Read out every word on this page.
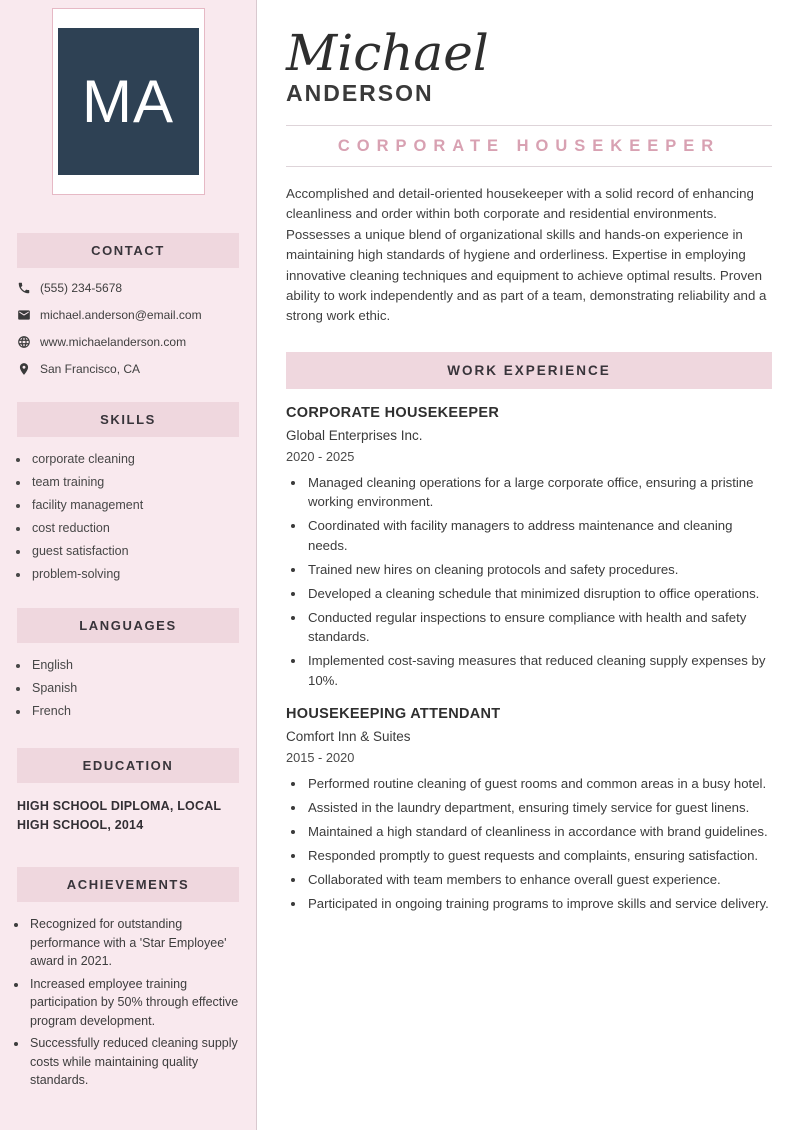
MA
CONTACT
(555) 234-5678
michael.anderson@email.com
www.michaelanderson.com
San Francisco, CA
SKILLS
• corporate cleaning
• team training
• facility management
• cost reduction
• guest satisfaction
• problem-solving
LANGUAGES
• English
• Spanish
• French
EDUCATION
HIGH SCHOOL DIPLOMA, LOCAL HIGH SCHOOL, 2014
ACHIEVEMENTS
• Recognized for outstanding performance with a 'Star Employee' award in 2021.
• Increased employee training participation by 50% through effective program development.
• Successfully reduced cleaning supply costs while maintaining quality standards.
Michael
ANDERSON
CORPORATE HOUSEKEEPER
Accomplished and detail-oriented housekeeper with a solid record of enhancing cleanliness and order within both corporate and residential environments. Possesses a unique blend of organizational skills and hands-on experience in maintaining high standards of hygiene and orderliness. Expertise in employing innovative cleaning techniques and equipment to achieve optimal results. Proven ability to work independently and as part of a team, demonstrating reliability and a strong work ethic.
WORK EXPERIENCE
CORPORATE HOUSEKEEPER
Global Enterprises Inc.
2020 - 2025
• Managed cleaning operations for a large corporate office, ensuring a pristine working environment.
• Coordinated with facility managers to address maintenance and cleaning needs.
• Trained new hires on cleaning protocols and safety procedures.
• Developed a cleaning schedule that minimized disruption to office operations.
• Conducted regular inspections to ensure compliance with health and safety standards.
• Implemented cost-saving measures that reduced cleaning supply expenses by 10%.
HOUSEKEEPING ATTENDANT
Comfort Inn & Suites
2015 - 2020
• Performed routine cleaning of guest rooms and common areas in a busy hotel.
• Assisted in the laundry department, ensuring timely service for guest linens.
• Maintained a high standard of cleanliness in accordance with brand guidelines.
• Responded promptly to guest requests and complaints, ensuring satisfaction.
• Collaborated with team members to enhance overall guest experience.
• Participated in ongoing training programs to improve skills and service delivery.
